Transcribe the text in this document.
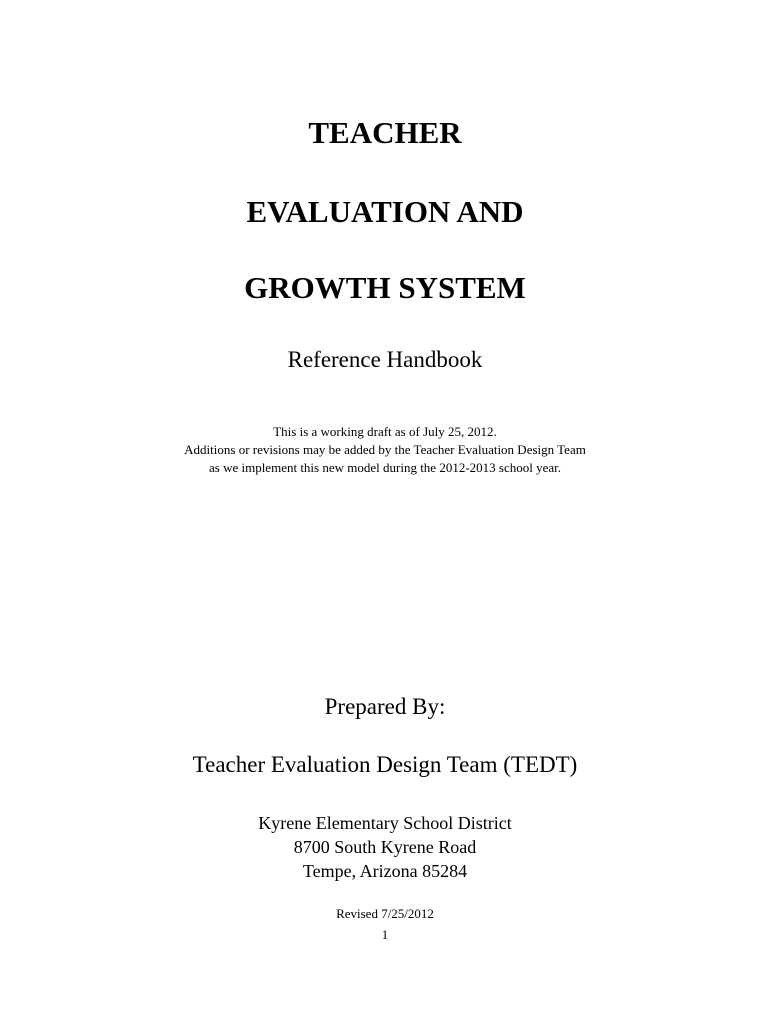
TEACHER
EVALUATION AND
GROWTH SYSTEM
Reference Handbook
This is a working draft as of July 25, 2012.
Additions or revisions may be added by the Teacher Evaluation Design Team
as we implement this new model during the 2012-2013 school year.
Prepared By:
Teacher Evaluation Design Team (TEDT)
Kyrene Elementary School District
8700 South Kyrene Road
Tempe, Arizona 85284
Revised 7/25/2012
1
